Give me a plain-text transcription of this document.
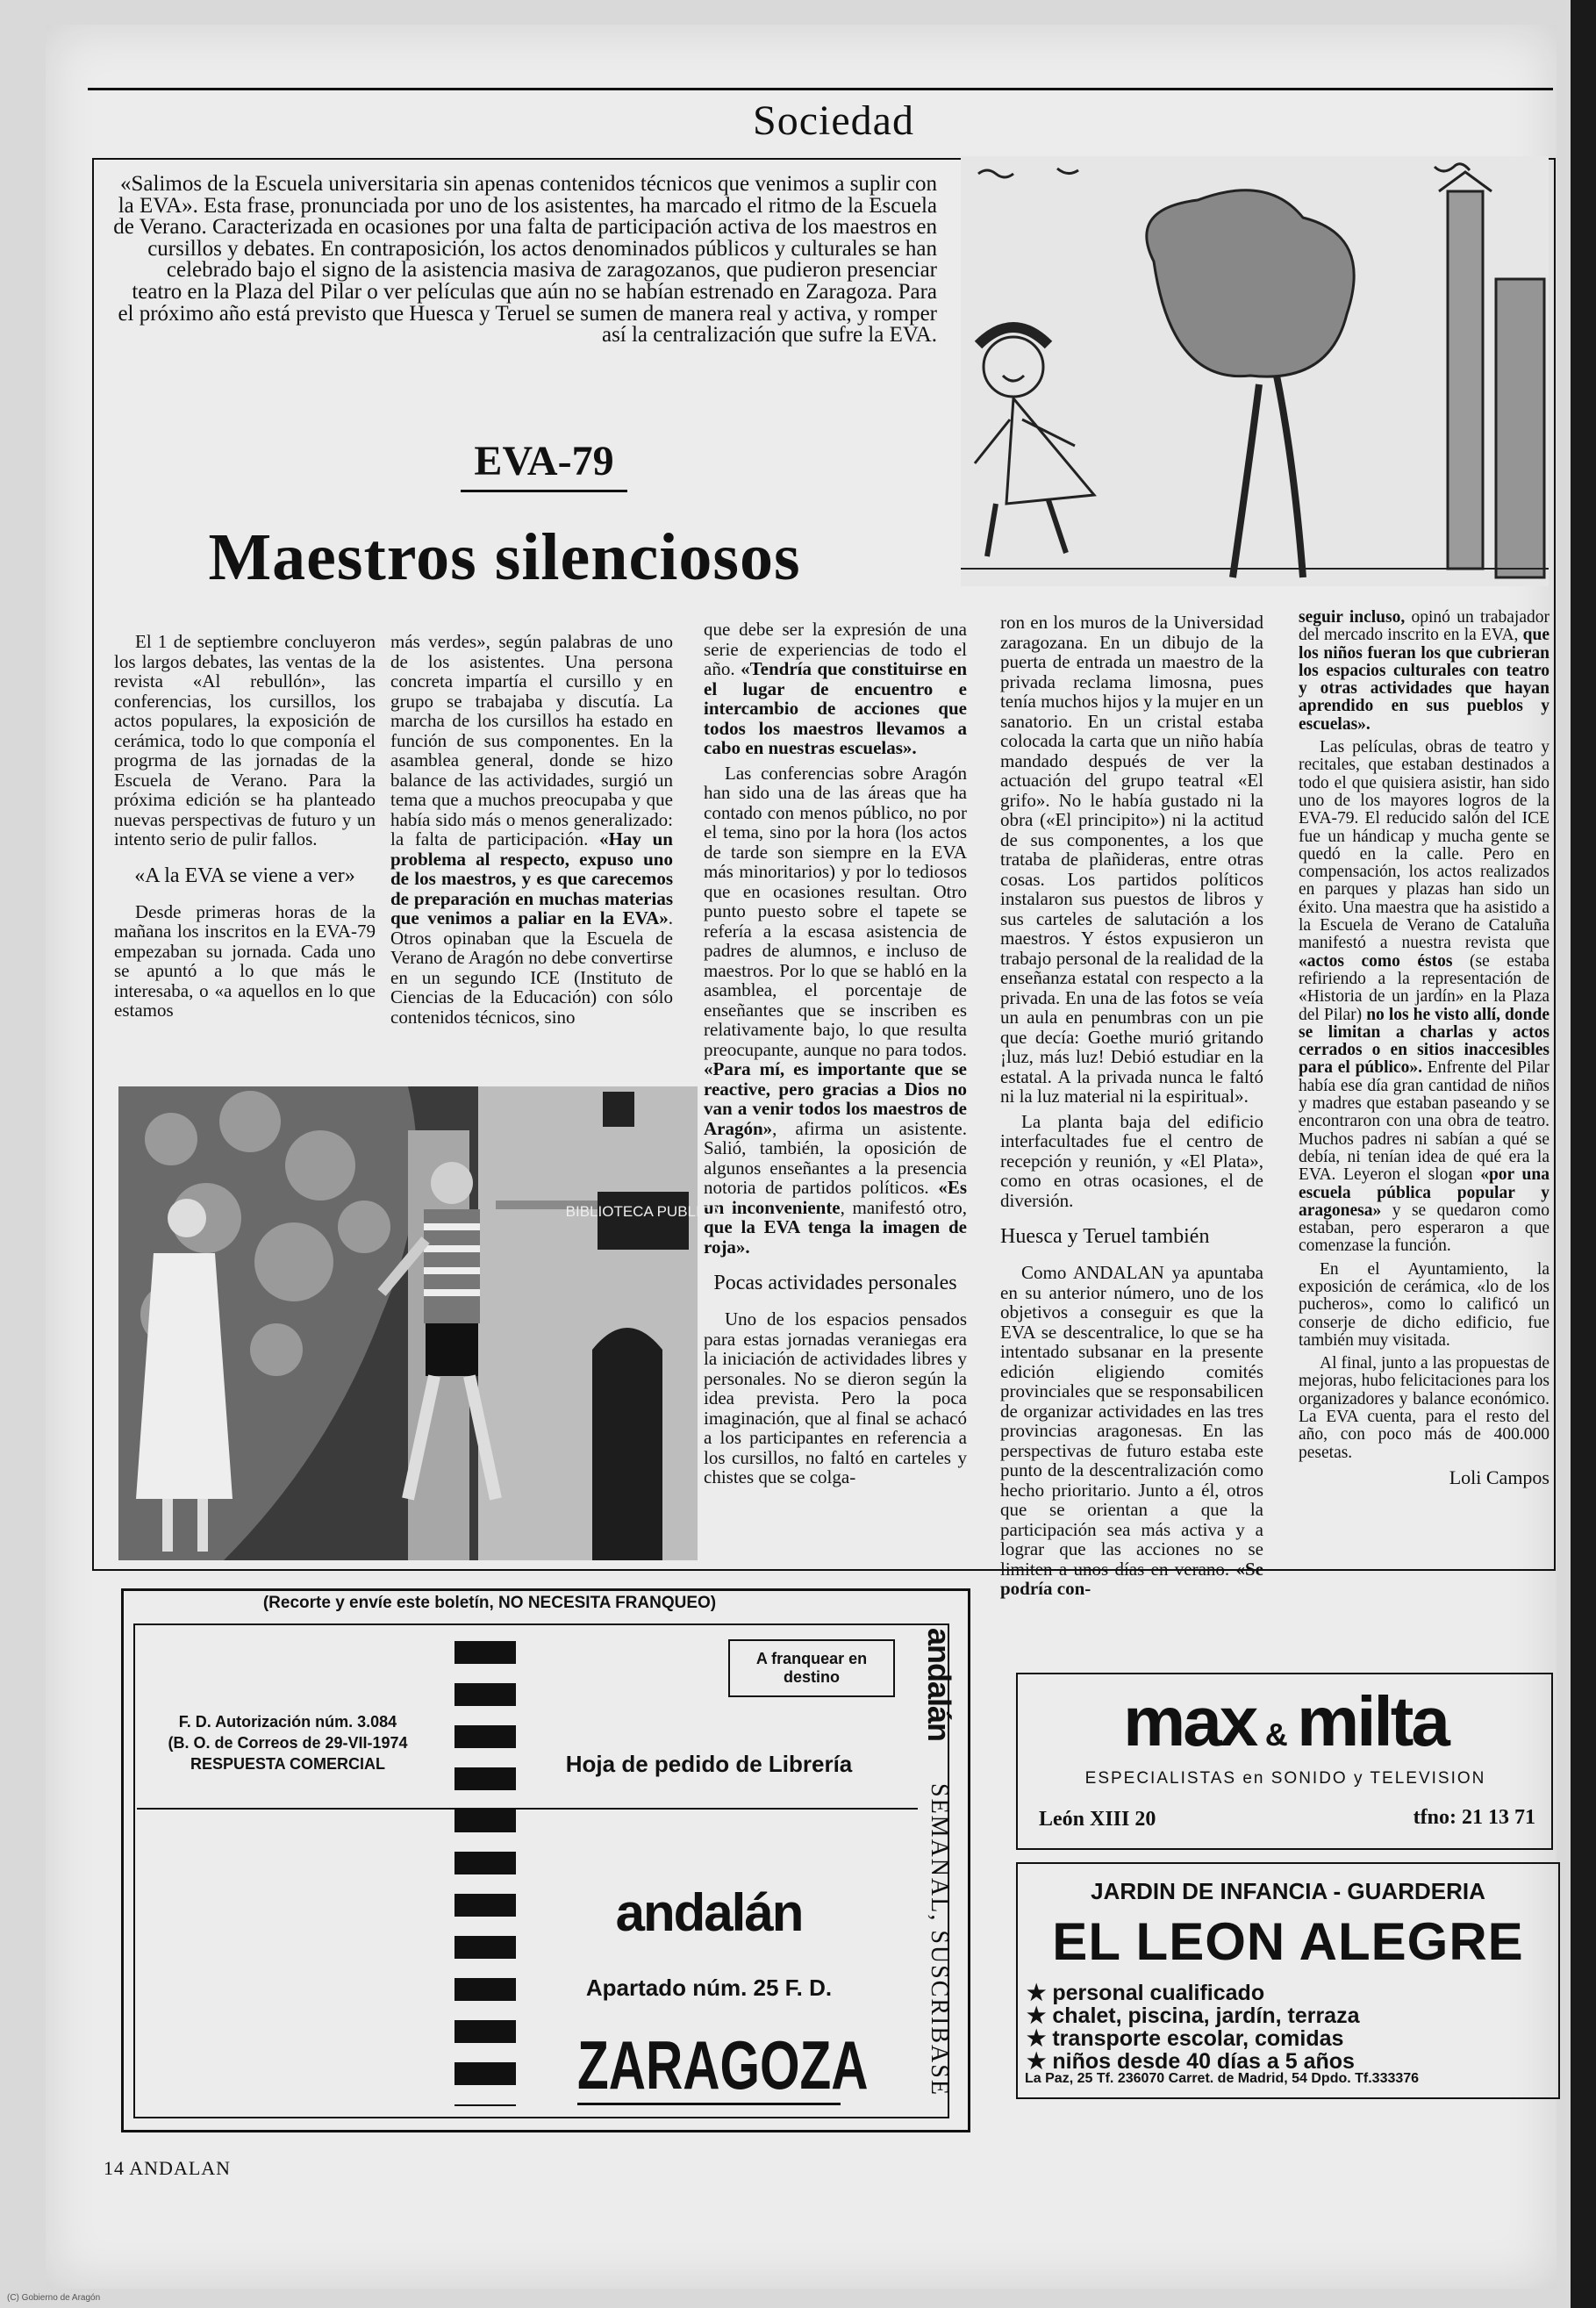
Sociedad
«Salimos de la Escuela universitaria sin apenas contenidos técnicos que venimos a suplir con la EVA». Esta frase, pronunciada por uno de los asistentes, ha marcado el ritmo de la Escuela de Verano. Caracterizada en ocasiones por una falta de participación activa de los maestros en cursillos y debates. En contraposición, los actos denominados públicos y culturales se han celebrado bajo el signo de la asistencia masiva de zaragozanos, que pudieron presenciar teatro en la Plaza del Pilar o ver películas que aún no se habían estrenado en Zaragoza. Para el próximo año está previsto que Huesca y Teruel se sumen de manera real y activa, y romper así la centralización que sufre la EVA.
EVA-79
Maestros silenciosos

El 1 de septiembre concluyeron los largos debates, las ventas de la revista «Al rebullón», las conferencias, los cursillos, los actos populares, la exposición de cerámica, todo lo que componía el progrma de las jornadas de la Escuela de Verano. Para la próxima edición se ha planteado nuevas perspectivas de futuro y un intento serio de pulir fallos.

«A la EVA se viene a ver»

Desde primeras horas de la mañana los inscritos en la EVA-79 empezaban su jornada. Cada uno se apuntó a lo que más le interesaba, o «a aquellos en lo que estamos

más verdes», según palabras de uno de los asistentes. Una persona concreta impartía el cursillo y en grupo se trabajaba y discutía. La marcha de los cursillos ha estado en función de sus componentes. En la asamblea general, donde se hizo balance de las actividades, surgió un tema que a muchos preocupaba y que había sido más o menos generalizado: la falta de participación. «Hay un problema al respecto, expuso uno de los maestros, y es que carecemos de preparación en muchas materias que venimos a paliar en la EVA». Otros opinaban que la Escuela de Verano de Aragón no debe convertirse en un segundo ICE (Instituto de Ciencias de la Educación) con sólo contenidos técnicos, sino

que debe ser la expresión de una serie de experiencias de todo el año. «Tendría que constituirse en el lugar de encuentro e intercambio de acciones que todos los maestros llevamos a cabo en nuestras escuelas».

Las conferencias sobre Aragón han sido una de las áreas que ha contado con menos público, no por el tema, sino por la hora (los actos de tarde son siempre en la EVA más minoritarios) y por lo tediosos que en ocasiones resultan. Otro punto puesto sobre el tapete se refería a la escasa asistencia de padres de alumnos, e incluso de maestros. Por lo que se habló en la asamblea, el porcentaje de enseñantes que se inscriben es relativamente bajo, lo que resulta preocupante, aunque no para todos. «Para mí, es importante que se reactive, pero gracias a Dios no van a venir todos los maestros de Aragón», afirma un asistente. Salió, también, la oposición de algunos enseñantes a la presencia notoria de partidos políticos. «Es un inconveniente, manifestó otro, que la EVA tenga la imagen de roja».

Pocas actividades personales

Uno de los espacios pensados para estas jornadas veraniegas era la iniciación de actividades libres y personales. No se dieron según la idea prevista. Pero la poca imaginación, que al final se achacó a los participantes en referencia a los cursillos, no faltó en carteles y chistes que se colga-

ron en los muros de la Universidad zaragozana. En un dibujo de la puerta de entrada un maestro de la privada reclama limosna, pues tenía muchos hijos y la mujer en un sanatorio. En un cristal estaba colocada la carta que un niño había mandado después de ver la actuación del grupo teatral «El grifo». No le había gustado ni la obra («El principito») ni la actitud de sus componentes, a los que trataba de plañideras, entre otras cosas. Los partidos políticos instalaron sus puestos de libros y sus carteles de salutación a los maestros. Y éstos expusieron un trabajo personal de la realidad de la enseñanza estatal con respecto a la privada. En una de las fotos se veía un aula en penumbras con un pie que decía: Goethe murió gritando ¡luz, más luz! Debió estudiar en la estatal. A la privada nunca le faltó ni la luz material ni la espiritual».

La planta baja del edificio interfacultades fue el centro de recepción y reunión, y «El Plata», como en otras ocasiones, el de diversión.

Huesca y Teruel también

Como ANDALAN ya apuntaba en su anterior número, uno de los objetivos a conseguir es que la EVA se descentralice, lo que se ha intentado subsanar en la presente edición eligiendo comités provinciales que se responsabilicen de organizar actividades en las tres provincias aragonesas. En las perspectivas de futuro estaba este punto de la descentralización como hecho prioritario. Junto a él, otros que se orientan a que la participación sea más activa y a lograr que las acciones no se limiten a unos días en verano. «Se podría con-

seguir incluso, opinó un trabajador del mercado inscrito en la EVA, que los niños fueran los que cubrieran los espacios culturales con teatro y otras actividades que hayan aprendido en sus pueblos y escuelas».

Las películas, obras de teatro y recitales, que estaban destinados a todo el que quisiera asistir, han sido uno de los mayores logros de la EVA-79. El reducido salón del ICE fue un hándicap y mucha gente se quedó en la calle. Pero en compensación, los actos realizados en parques y plazas han sido un éxito. Una maestra que ha asistido a la Escuela de Verano de Cataluña manifestó a nuestra revista que «actos como éstos (se estaba refiriendo a la representación de «Historia de un jardín» en la Plaza del Pilar) no los he visto allí, donde se limitan a charlas y actos cerrados o en sitios inaccesibles para el público». Enfrente del Pilar había ese día gran cantidad de niños y madres que estaban paseando y se encontraron con una obra de teatro. Muchos padres ni sabían a qué se debía, ni tenían idea de qué era la EVA. Leyeron el slogan «por una escuela pública popular y aragonesa» y se quedaron como estaban, pero esperaron a que comenzase la función.

En el Ayuntamiento, la exposición de cerámica, «lo de los pucheros», como lo calificó un conserje de dicho edificio, fue también muy visitada.

Al final, junto a las propuestas de mejoras, hubo felicitaciones para los organizadores y balance económico. La EVA cuenta, para el resto del año, con poco más de 400.000 pesetas.

Loli Campos
BIBLIOTECA PUBLICA
(Recorte y envíe este boletín, NO NECESITA FRANQUEO)
A franquear en destino
F. D. Autorización núm. 3.084
(B. O. de Correos de 29-VII-1974
RESPUESTA COMERCIAL	Hoja de pedido de Librería
andalán
Apartado núm. 25 F. D.
ZARAGOZA
andalán
SEMANAL, SUSCRIBASE
max & milta
ESPECIALISTAS en SONIDO y TELEVISION
León XIII 20	tfno: 21 13 71
JARDIN DE INFANCIA - GUARDERIA
EL LEON ALEGRE
★ personal cualificado
★ chalet, piscina, jardín, terraza
★ transporte escolar, comidas
★ niños desde 40 días a 5 años
La Paz, 25 Tf. 236070 Carret. de Madrid, 54 Dpdo. Tf.333376
14 ANDALAN
(C) Gobierno de Aragón
